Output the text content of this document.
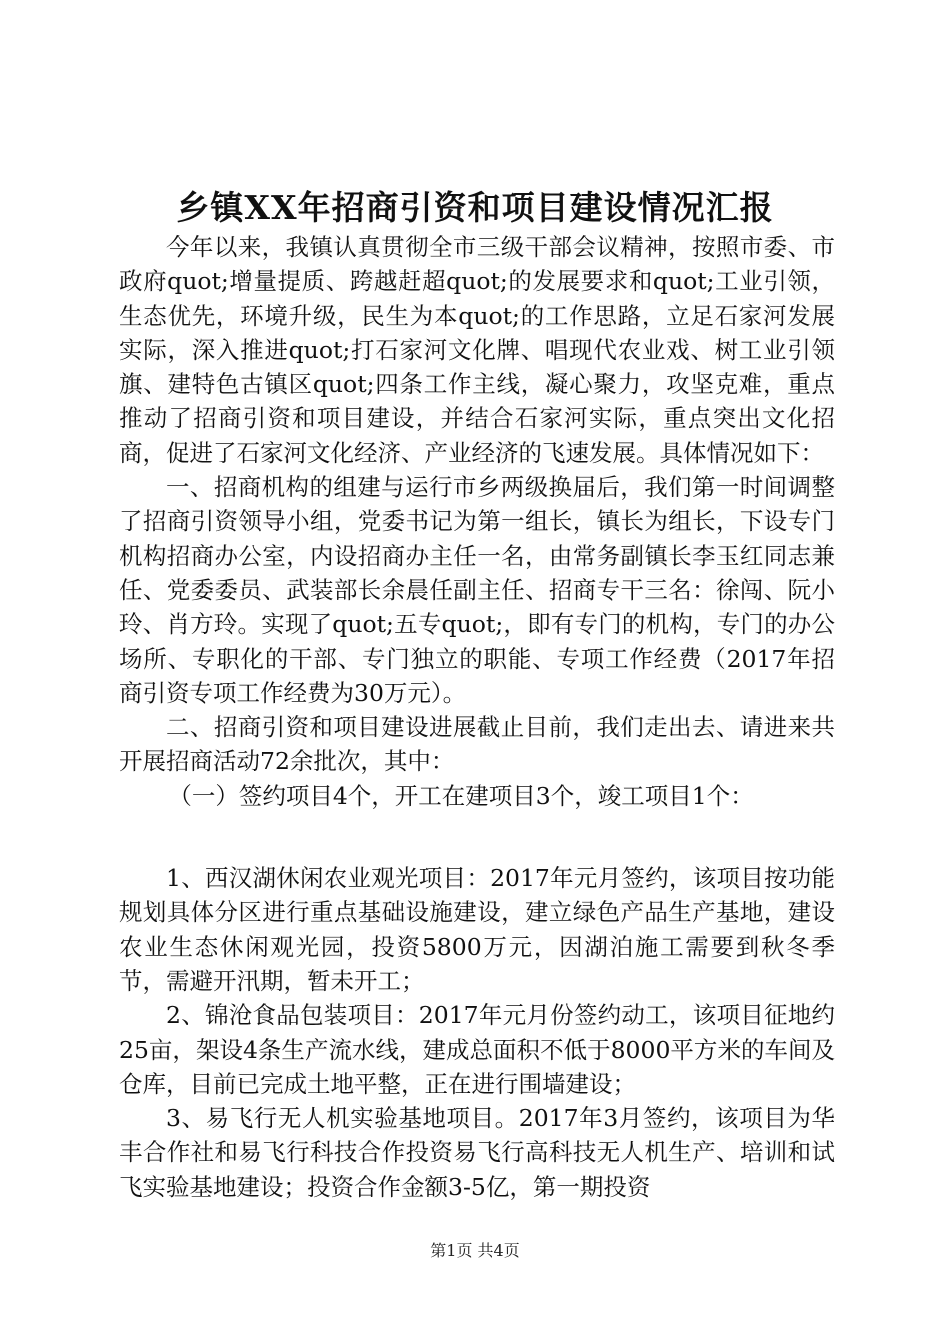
乡镇XX年招商引资和项目建设情况汇报

今年以来，我镇认真贯彻全市三级干部会议精神，按照市委、市政府quot;增量提质、跨越赶超quot;的发展要求和quot;工业引领，生态优先，环境升级，民生为本quot;的工作思路，立足石家河发展实际，深入推进quot;打石家河文化牌、唱现代农业戏、树工业引领旗、建特色古镇区quot;四条工作主线，凝心聚力，攻坚克难，重点推动了招商引资和项目建设，并结合石家河实际，重点突出文化招商，促进了石家河文化经济、产业经济的飞速发展。具体情况如下：

一、招商机构的组建与运行市乡两级换届后，我们第一时间调整了招商引资领导小组，党委书记为第一组长，镇长为组长，下设专门机构招商办公室，内设招商办主任一名，由常务副镇长李玉红同志兼任、党委委员、武装部长余晨任副主任、招商专干三名：徐闯、阮小玲、肖方玲。实现了quot;五专quot;，即有专门的机构，专门的办公场所、专职化的干部、专门独立的职能、专项工作经费（2017年招商引资专项工作经费为30万元）。

二、招商引资和项目建设进展截止目前，我们走出去、请进来共开展招商活动72余批次，其中：

（一）签约项目4个，开工在建项目3个，竣工项目1个：

1、西汉湖休闲农业观光项目：2017年元月签约，该项目按功能规划具体分区进行重点基础设施建设，建立绿色产品生产基地，建设农业生态休闲观光园，投资5800万元，因湖泊施工需要到秋冬季节，需避开汛期，暂未开工；

2、锦沧食品包装项目：2017年元月份签约动工，该项目征地约25亩，架设4条生产流水线，建成总面积不低于8000平方米的车间及仓库，目前已完成土地平整，正在进行围墙建设；

3、易飞行无人机实验基地项目。2017年3月签约，该项目为华丰合作社和易飞行科技合作投资易飞行高科技无人机生产、培训和试飞实验基地建设；投资合作金额3-5亿，第一期投资

第1页 共4页
